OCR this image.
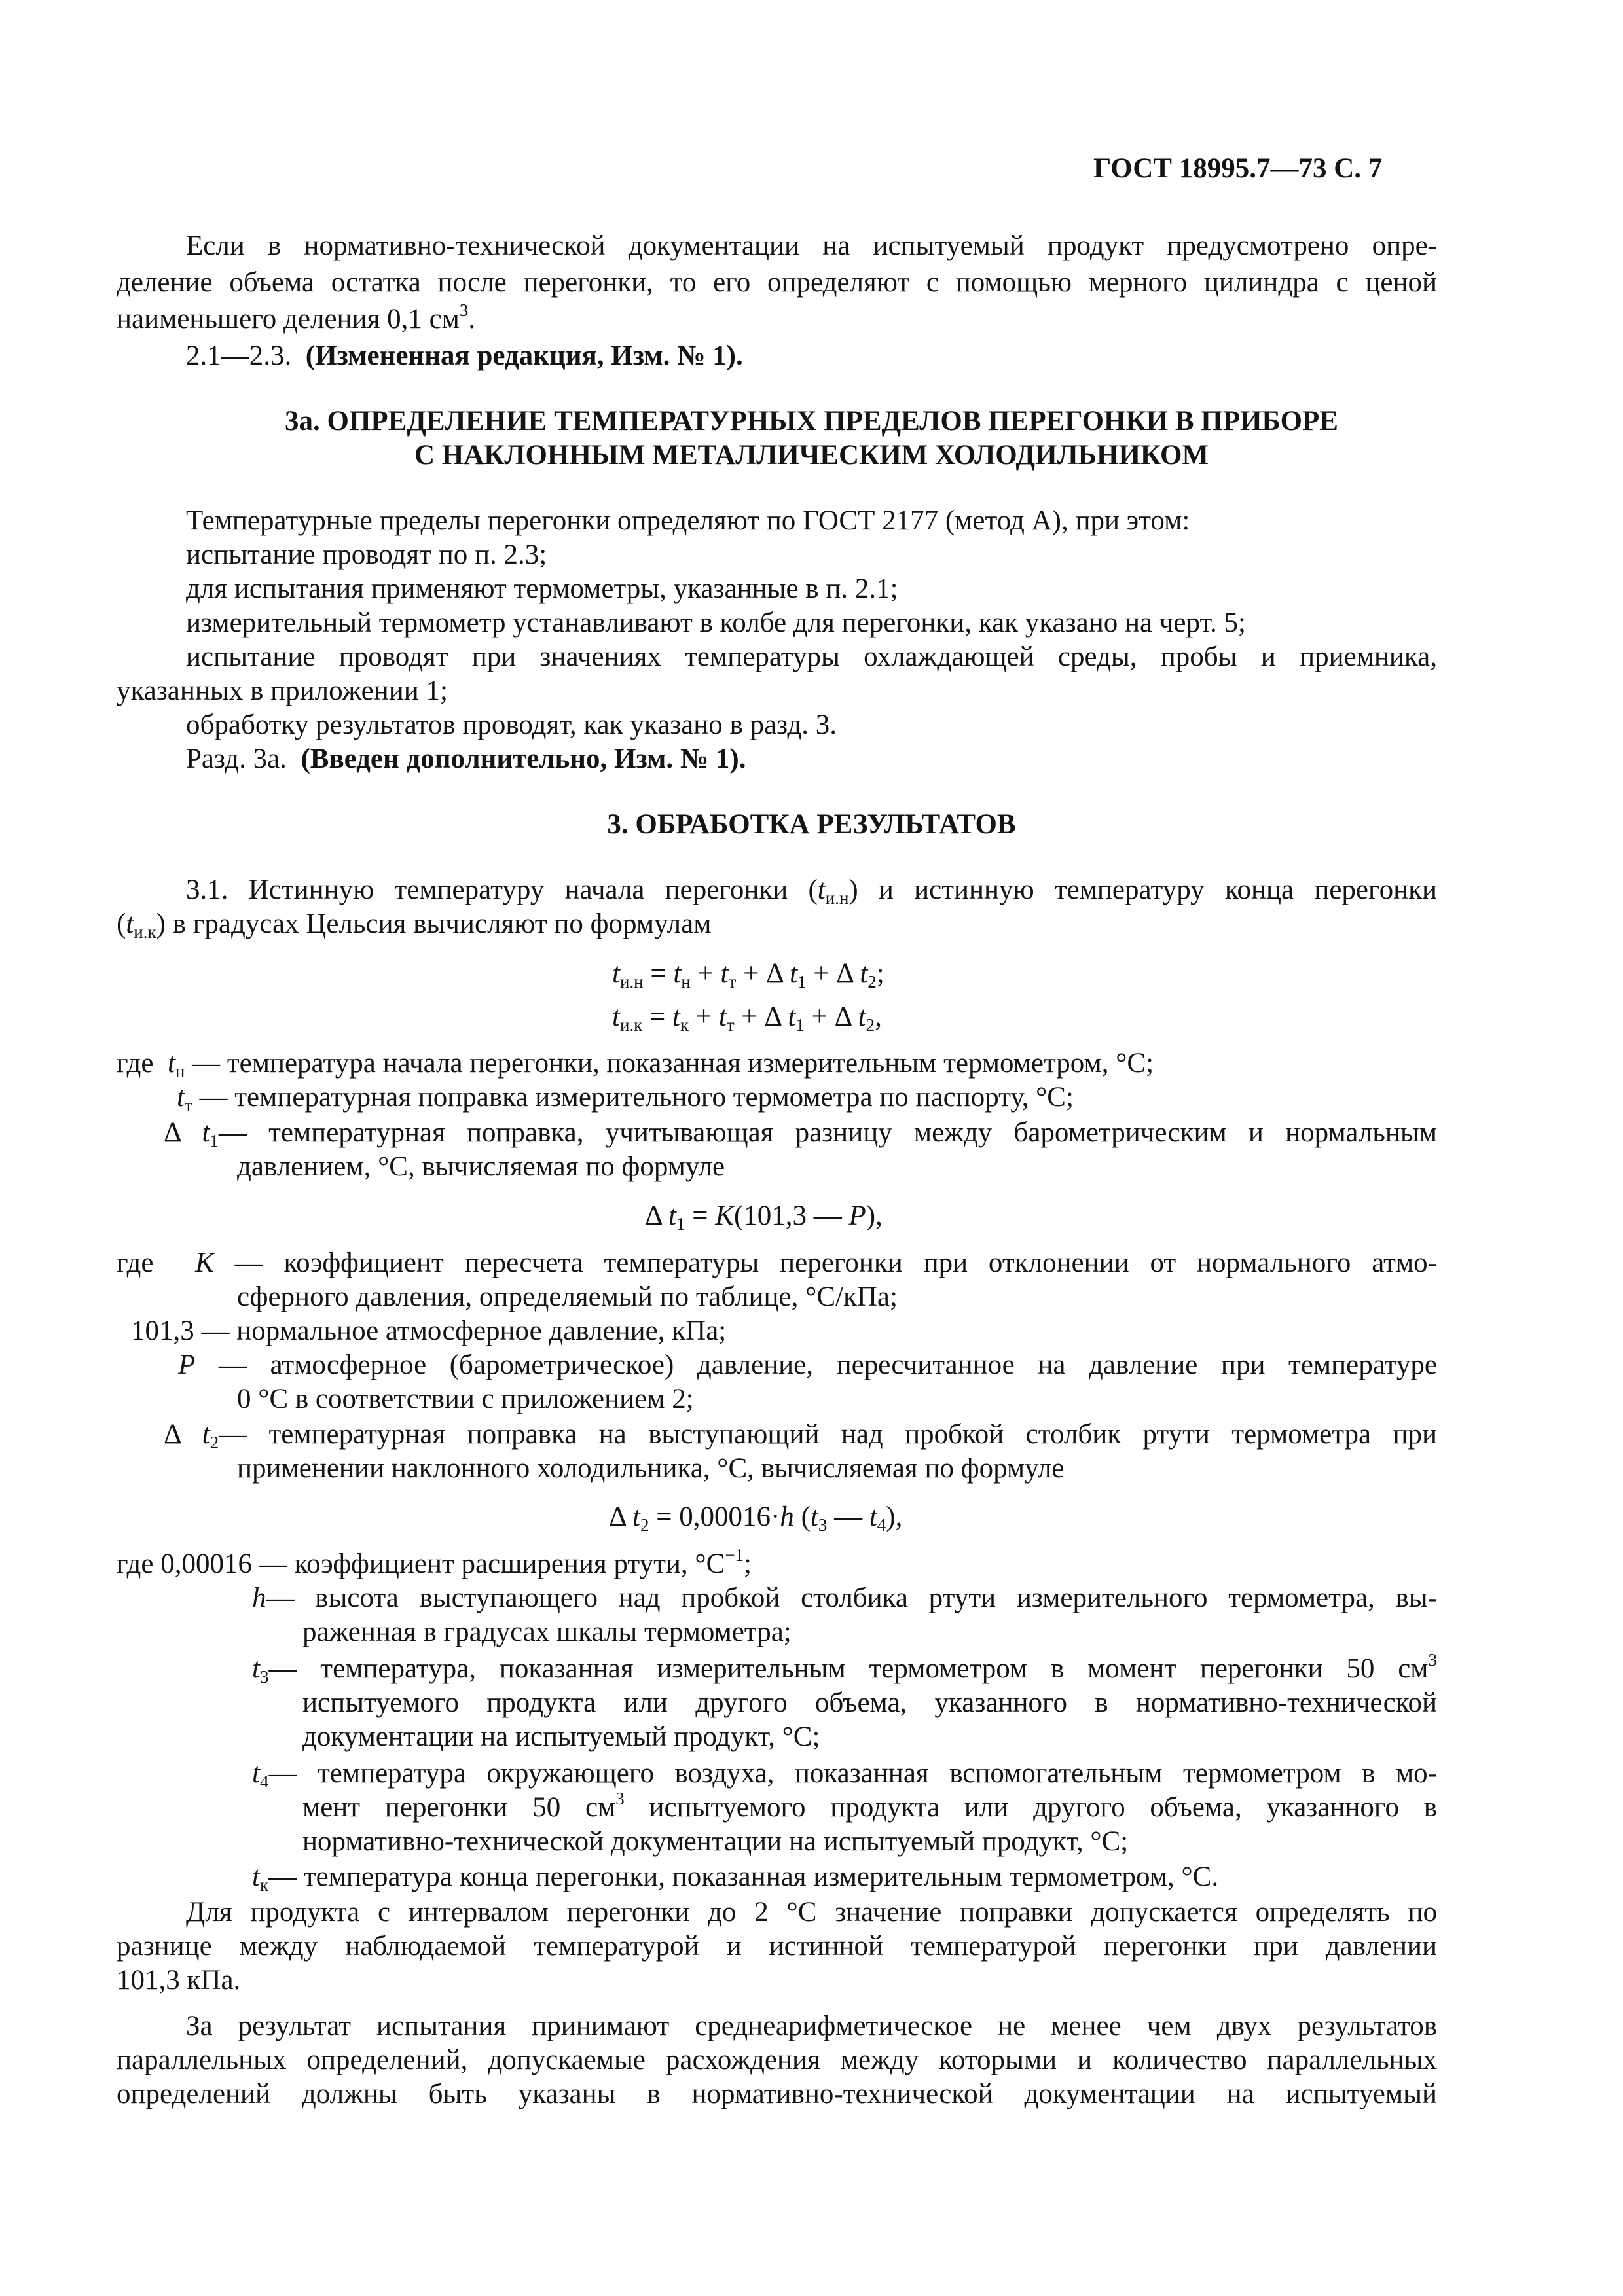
ГОСТ 18995.7—73 С. 7
Если в нормативно-технической документации на испытуемый продукт предусмотрено опре-
деление объема остатка после перегонки, то его определяют с помощью мерного цилиндра с ценой
наименьшего деления 0,1 $см^3$.
2.1—2.3. (Измененная редакция, Изм. № 1).
3а. ОПРЕДЕЛЕНИЕ ТЕМПЕРАТУРНЫХ ПРЕДЕЛОВ ПЕРЕГОНКИ В ПРИБОРЕ
С НАКЛОННЫМ МЕТАЛЛИЧЕСКИМ ХОЛОДИЛЬНИКОМ
Температурные пределы перегонки определяют по ГОСТ 2177 (метод А), при этом:
испытание проводят по п. 2.3;
для испытания применяют термометры, указанные в п. 2.1;
измерительный термометр устанавливают в колбе для перегонки, как указано на черт. 5;
испытание проводят при значениях температуры охлаждающей среды, пробы и приемника,
указанных в приложении 1;
обработку результатов проводят, как указано в разд. 3.
Разд. 3а. (Введен дополнительно, Изм. № 1).
3. ОБРАБОТКА РЕЗУЛЬТАТОВ
3.1. Истинную температуру начала перегонки $(t_{и.н})$ и истинную температуру конца перегонки
$(t_{и.к})$ в градусах Цельсия вычисляют по формулам
$t_{и.н} = t_н + t_т + \Delta$ $t_1 + \Delta$ $t_2$;
$t_{и.к} = t_к + t_т + \Delta$ $t_1 + \Delta$ $t_2$,
где  $t_н$ — температура начала перегонки, показанная измерительным термометром, °С;
$t_т$ — температурная поправка измерительного термометра по паспорту, °С;
Δ $t_1—$ температурная поправка, учитывающая разницу между барометрическим и нормальным
давлением, °С, вычисляемая по формуле
Δ $t_1 = K(101,3$ — P),
где  K — коэффициент пересчета температуры перегонки при отклонении от нормального атмо-
сферного давления, определяемый по таблице, °С/кПа;
101,3 — нормальное атмосферное давление, кПа;
P — атмосферное (барометрическое) давление, пересчитанное на давление при температуре
0 °С в соответствии с приложением 2;
Δ $t_2—$ температурная поправка на выступающий над пробкой столбик ртути термометра при
применении наклонного холодильника, °С, вычисляемая по формуле
Δ $t_2 = 0,00016\cdot h$ ($t_3$ — $t_4$),
где 0,00016 — коэффициент расширения ртути, $^\circ С^{-1}$;
h— высота выступающего над пробкой столбика ртути измерительного термометра, вы-
раженная в градусах шкалы термометра;
$t_3—$ температура, показанная измерительным термометром в момент перегонки 50 $см^3$
испытуемого продукта или другого объема, указанного в нормативно-технической
документации на испытуемый продукт, °С;
$t_4—$ температура окружающего воздуха, показанная вспомогательным термометром в мо-
мент перегонки 50 $см^3$ испытуемого продукта или другого объема, указанного в
нормативно-технической документации на испытуемый продукт, °С;
$t_к—$ температура конца перегонки, показанная измерительным термометром, °С.
Для продукта с интервалом перегонки до 2 °С значение поправки допускается определять по
разнице между наблюдаемой температурой и истинной температурой перегонки при давлении
101,3 кПа.
За результат испытания принимают среднеарифметическое не менее чем двух результатов
параллельных определений, допускаемые расхождения между которыми и количество параллельных
определений должны быть указаны в нормативно-технической документации на испытуемый
